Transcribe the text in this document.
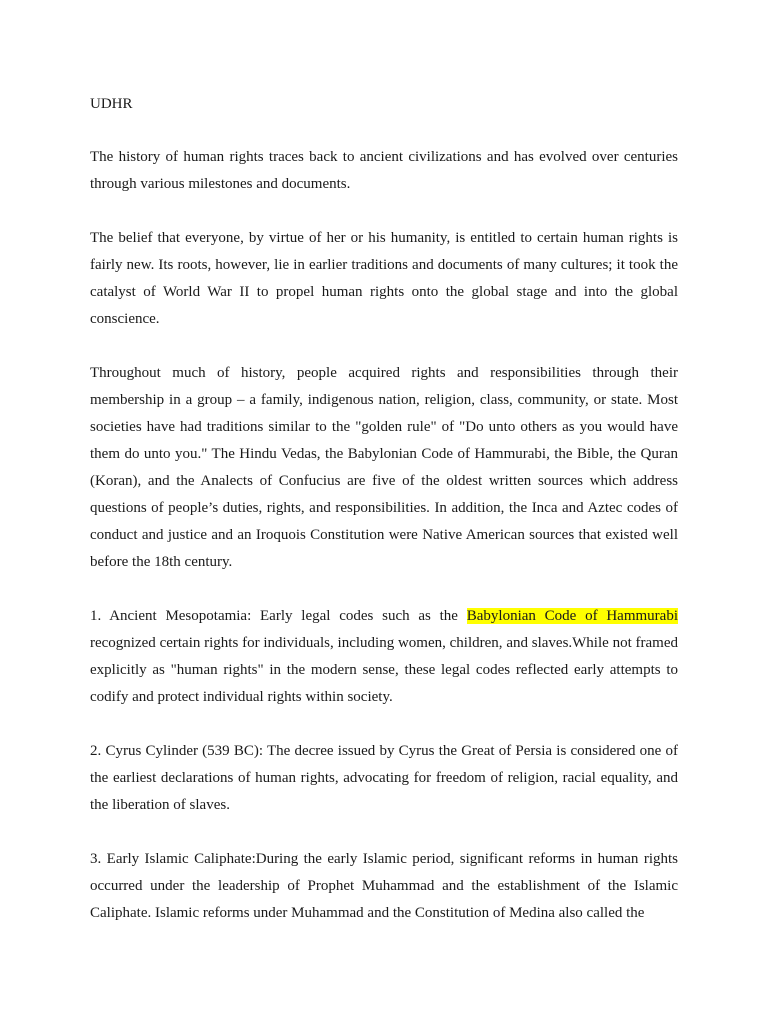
UDHR

The history of human rights traces back to ancient civilizations and has evolved over centuries through various milestones and documents.

The belief that everyone, by virtue of her or his humanity, is entitled to certain human rights is fairly new. Its roots, however, lie in earlier traditions and documents of many cultures; it took the catalyst of World War II to propel human rights onto the global stage and into the global conscience.

Throughout much of history, people acquired rights and responsibilities through their membership in a group – a family, indigenous nation, religion, class, community, or state. Most societies have had traditions similar to the "golden rule" of "Do unto others as you would have them do unto you." The Hindu Vedas, the Babylonian Code of Hammurabi, the Bible, the Quran (Koran), and the Analects of Confucius are five of the oldest written sources which address questions of people’s duties, rights, and responsibilities. In addition, the Inca and Aztec codes of conduct and justice and an Iroquois Constitution were Native American sources that existed well before the 18th century.

1. Ancient Mesopotamia: Early legal codes such as the Babylonian Code of Hammurabi recognized certain rights for individuals, including women, children, and slaves.While not framed explicitly as "human rights" in the modern sense, these legal codes reflected early attempts to codify and protect individual rights within society.

2. Cyrus Cylinder (539 BC): The decree issued by Cyrus the Great of Persia is considered one of the earliest declarations of human rights, advocating for freedom of religion, racial equality, and the liberation of slaves.

3. Early Islamic Caliphate:During the early Islamic period, significant reforms in human rights occurred under the leadership of Prophet Muhammad and the establishment of the Islamic Caliphate. Islamic reforms under Muhammad and the Constitution of Medina also called the
